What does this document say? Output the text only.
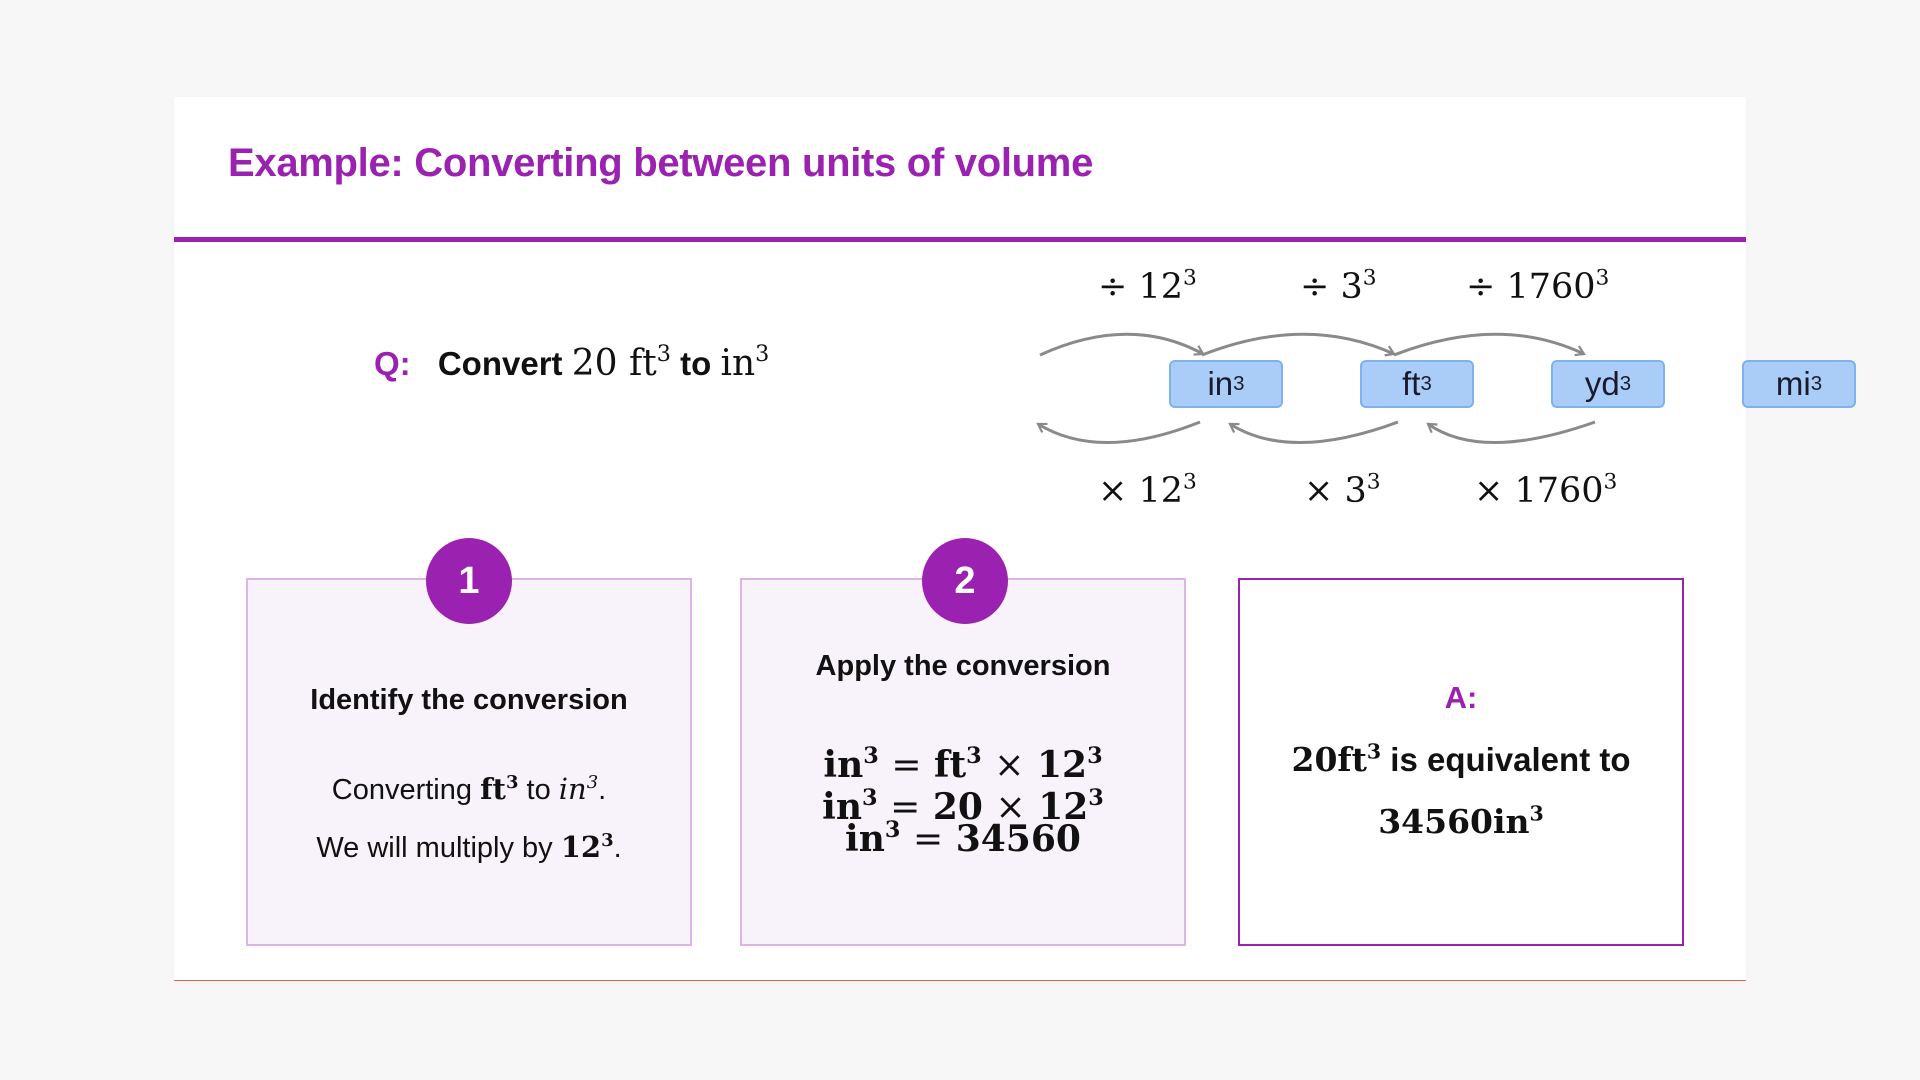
Example: Converting between units of volume
Q: Convert 20 $ft^3$ to $in^3$
in 3	ft 3	yd 3	mi 3
÷ $12^3$	÷ $3^3$	÷ $1760^3$
× $12^3$	× $3^3$	× $1760^3$
1
Identify the conversion
Converting $ft^3$ to $in^3$.
We will multiply by $12^3$.
2
Apply the conversion
$in^3 = ft^3 \times 12^3$
$in^3 = 20 \times 12^3$
$in^3 = 34560$
A:
$20ft^3$ is equivalent to
$34560in^3$
